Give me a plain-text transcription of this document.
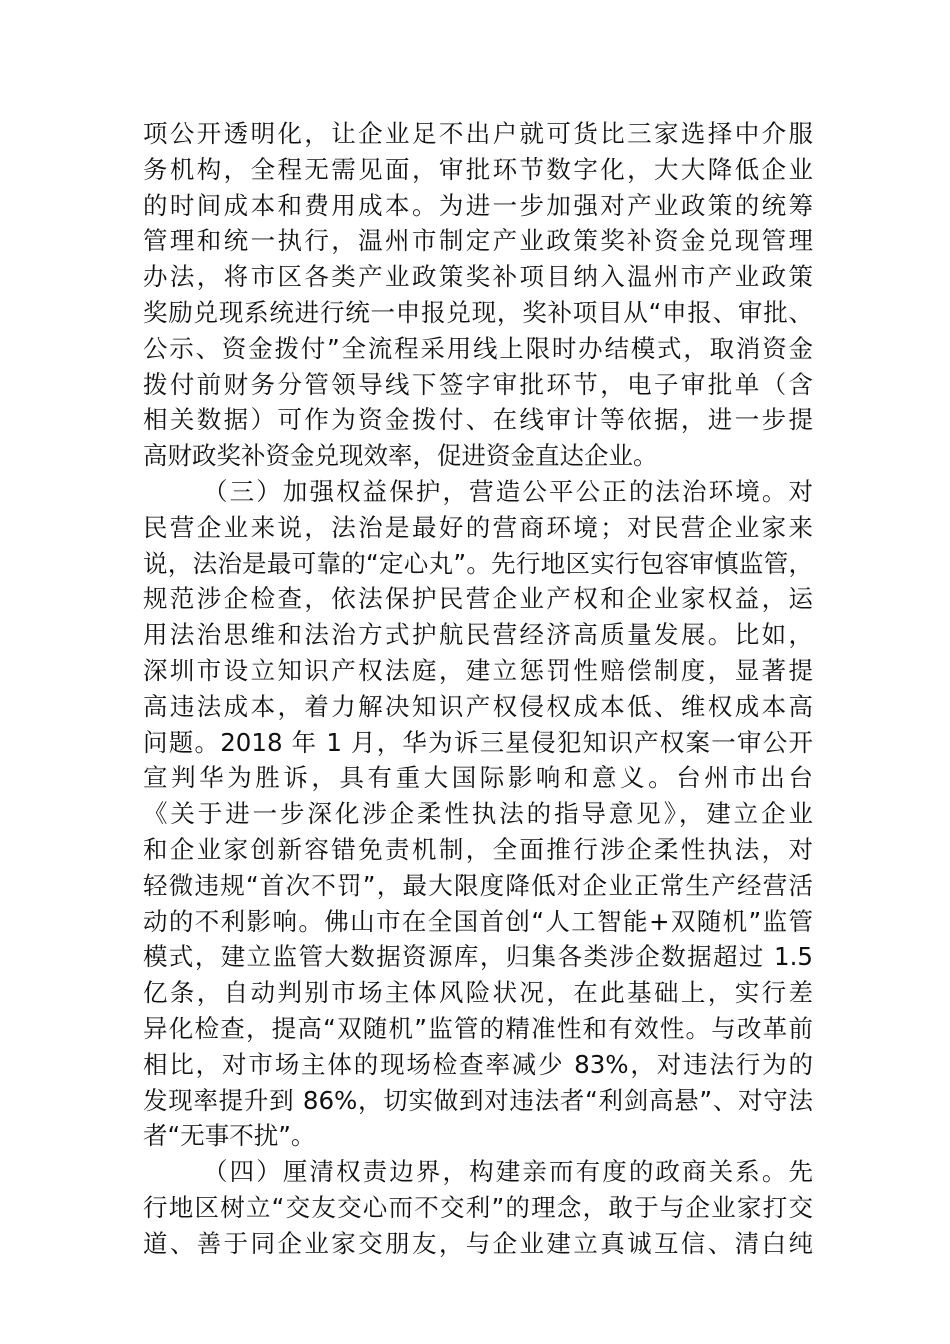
项公开透明化，让企业足不出户就可货比三家选择中介服
务机构，全程无需见面，审批环节数字化，大大降低企业
的时间成本和费用成本。为进一步加强对产业政策的统筹
管理和统一执行，温州市制定产业政策奖补资金兑现管理
办法，将市区各类产业政策奖补项目纳入温州市产业政策
奖励兑现系统进行统一申报兑现，奖补项目从“申报、审批、
公示、资金拨付”全流程采用线上限时办结模式，取消资金
拨付前财务分管领导线下签字审批环节，电子审批单（含
相关数据）可作为资金拨付、在线审计等依据，进一步提
高财政奖补资金兑现效率，促进资金直达企业。
（三）加强权益保护，营造公平公正的法治环境。对
民营企业来说，法治是最好的营商环境；对民营企业家来
说，法治是最可靠的“定心丸”。先行地区实行包容审慎监管，
规范涉企检查，依法保护民营企业产权和企业家权益，运
用法治思维和法治方式护航民营经济高质量发展。比如，
深圳市设立知识产权法庭，建立惩罚性赔偿制度，显著提
高违法成本，着力解决知识产权侵权成本低、维权成本高
问题。2018 年 1 月，华为诉三星侵犯知识产权案一审公开
宣判华为胜诉，具有重大国际影响和意义。台州市出台
《关于进一步深化涉企柔性执法的指导意见》，建立企业
和企业家创新容错免责机制，全面推行涉企柔性执法，对
轻微违规“首次不罚”，最大限度降低对企业正常生产经营活
动的不利影响。佛山市在全国首创“人工智能+双随机”监管
模式，建立监管大数据资源库，归集各类涉企数据超过 1.5
亿条，自动判别市场主体风险状况，在此基础上，实行差
异化检查，提高“双随机”监管的精准性和有效性。与改革前
相比，对市场主体的现场检查率减少 83%，对违法行为的
发现率提升到 86%，切实做到对违法者“利剑高悬”、对守法
者“无事不扰”。
（四）厘清权责边界，构建亲而有度的政商关系。先
行地区树立“交友交心而不交利”的理念，敢于与企业家打交
道、善于同企业家交朋友，与企业建立真诚互信、清白纯
